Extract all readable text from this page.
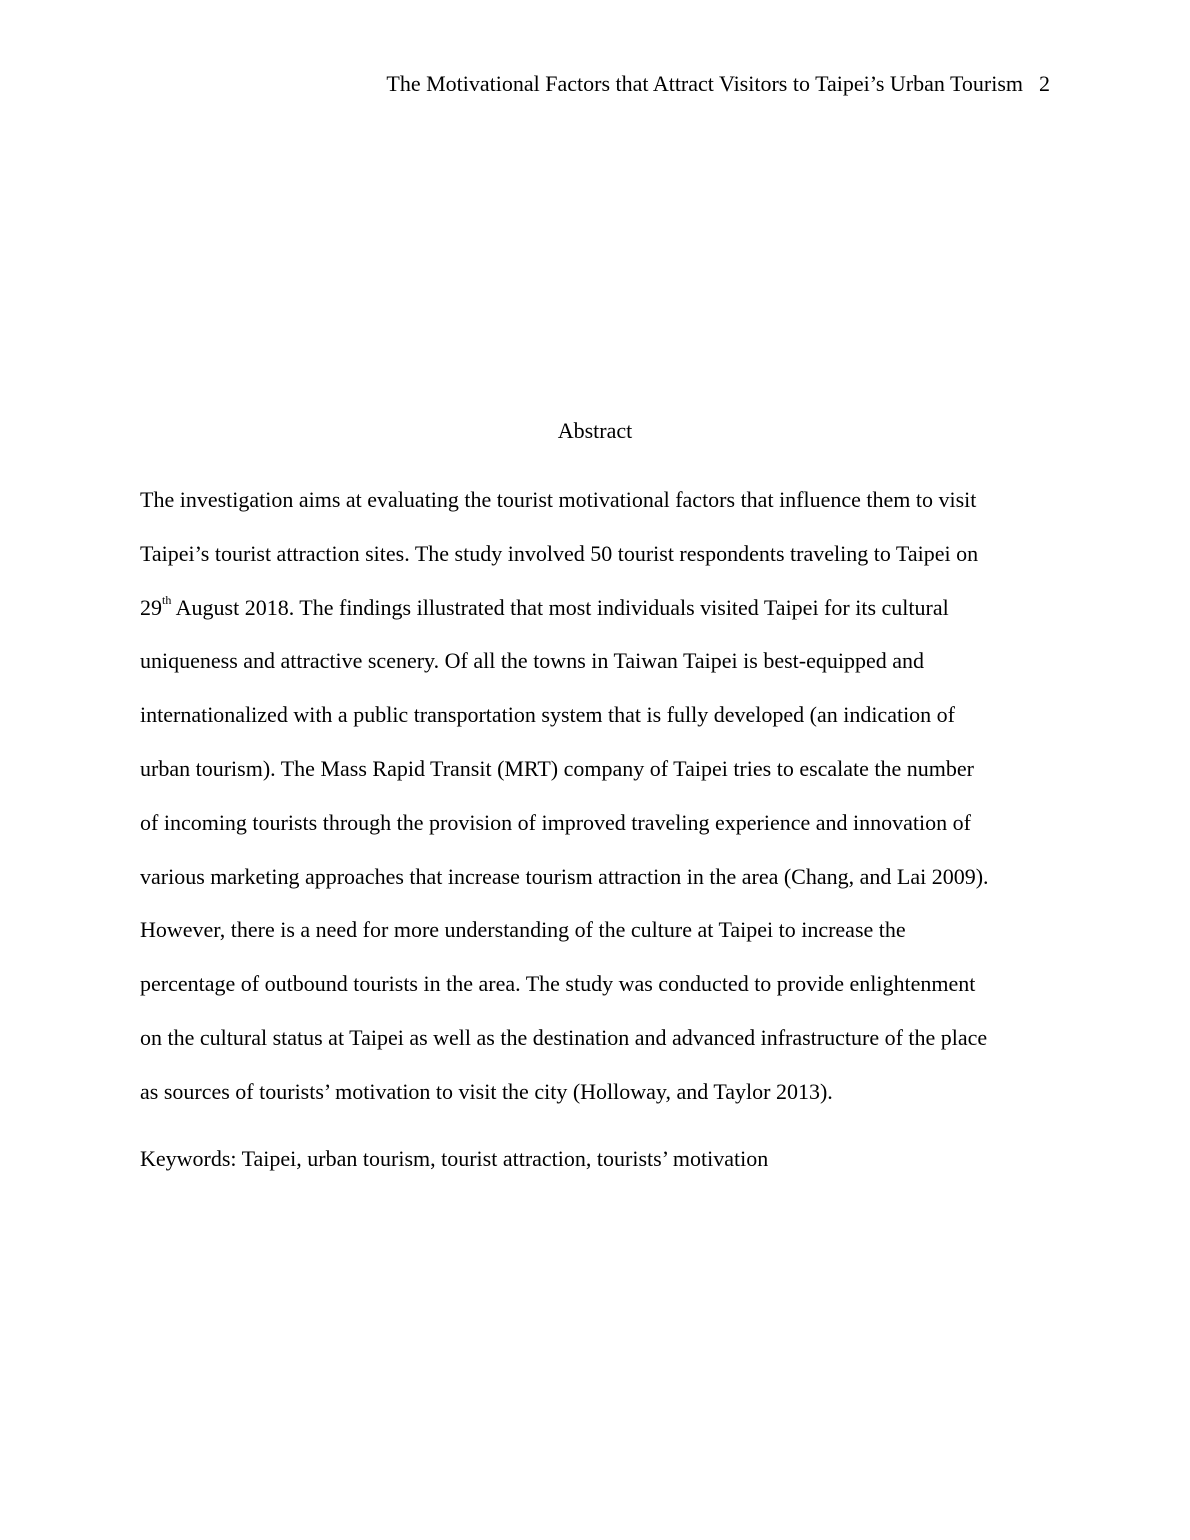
The Motivational Factors that Attract Visitors to Taipei’s Urban Tourism 2
Abstract
The investigation aims at evaluating the tourist motivational factors that influence them to visit
Taipei’s tourist attraction sites. The study involved 50 tourist respondents traveling to Taipei on
29th August 2018. The findings illustrated that most individuals visited Taipei for its cultural
uniqueness and attractive scenery. Of all the towns in Taiwan Taipei is best-equipped and
internationalized with a public transportation system that is fully developed (an indication of
urban tourism). The Mass Rapid Transit (MRT) company of Taipei tries to escalate the number
of incoming tourists through the provision of improved traveling experience and innovation of
various marketing approaches that increase tourism attraction in the area (Chang, and Lai 2009).
However, there is a need for more understanding of the culture at Taipei to increase the
percentage of outbound tourists in the area. The study was conducted to provide enlightenment
on the cultural status at Taipei as well as the destination and advanced infrastructure of the place
as sources of tourists’ motivation to visit the city (Holloway, and Taylor 2013).

Keywords: Taipei, urban tourism, tourist attraction, tourists’ motivation
